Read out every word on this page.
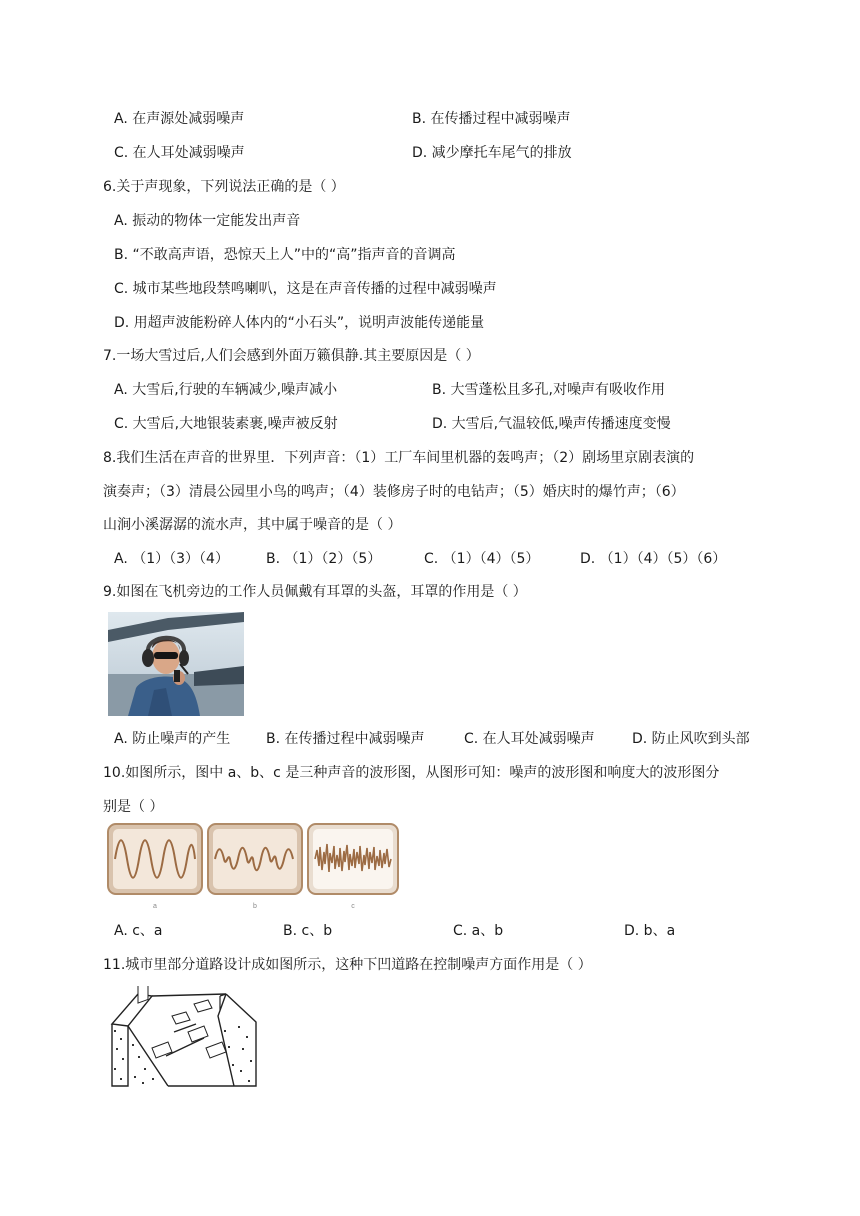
A. 在声源处减弱噪声	B. 在传播过程中减弱噪声
C. 在人耳处减弱噪声	D. 减少摩托车尾气的排放
6.关于声现象，下列说法正确的是（ ）
A. 振动的物体一定能发出声音
B. “不敢高声语，恐惊天上人”中的“高”指声音的音调高
C. 城市某些地段禁鸣喇叭，这是在声音传播的过程中减弱噪声
D. 用超声波能粉碎人体内的“小石头”，说明声波能传递能量
7.一场大雪过后,人们会感到外面万籁俱静.其主要原因是（ ）
A. 大雪后,行驶的车辆减少,噪声减小	B. 大雪蓬松且多孔,对噪声有吸收作用
C. 大雪后,大地银装素裹,噪声被反射	D. 大雪后,气温较低,噪声传播速度变慢
8.我们生活在声音的世界里．下列声音：（1）工厂车间里机器的轰鸣声；（2）剧场里京剧表演的
演奏声；（3）清晨公园里小鸟的鸣声；（4）装修房子时的电钻声；（5）婚庆时的爆竹声；（6）
山涧小溪潺潺的流水声，其中属于噪音的是（ ）
A. （1）（3）（4）	B. （1）（2）（5）	C. （1）（4）（5）	D. （1）（4）（5）（6）
9.如图在飞机旁边的工作人员佩戴有耳罩的头盔，耳罩的作用是（ ）
A. 防止噪声的产生	B. 在传播过程中减弱噪声	C. 在人耳处减弱噪声	D. 防止风吹到头部
10.如图所示，图中 a、b、c 是三种声音的波形图，从图形可知：噪声的波形图和响度大的波形图分
别是（ ）
a	b	c
A. c、a	B. c、b	C. a、b	D. b、a
11.城市里部分道路设计成如图所示，这种下凹道路在控制噪声方面作用是（ ）
